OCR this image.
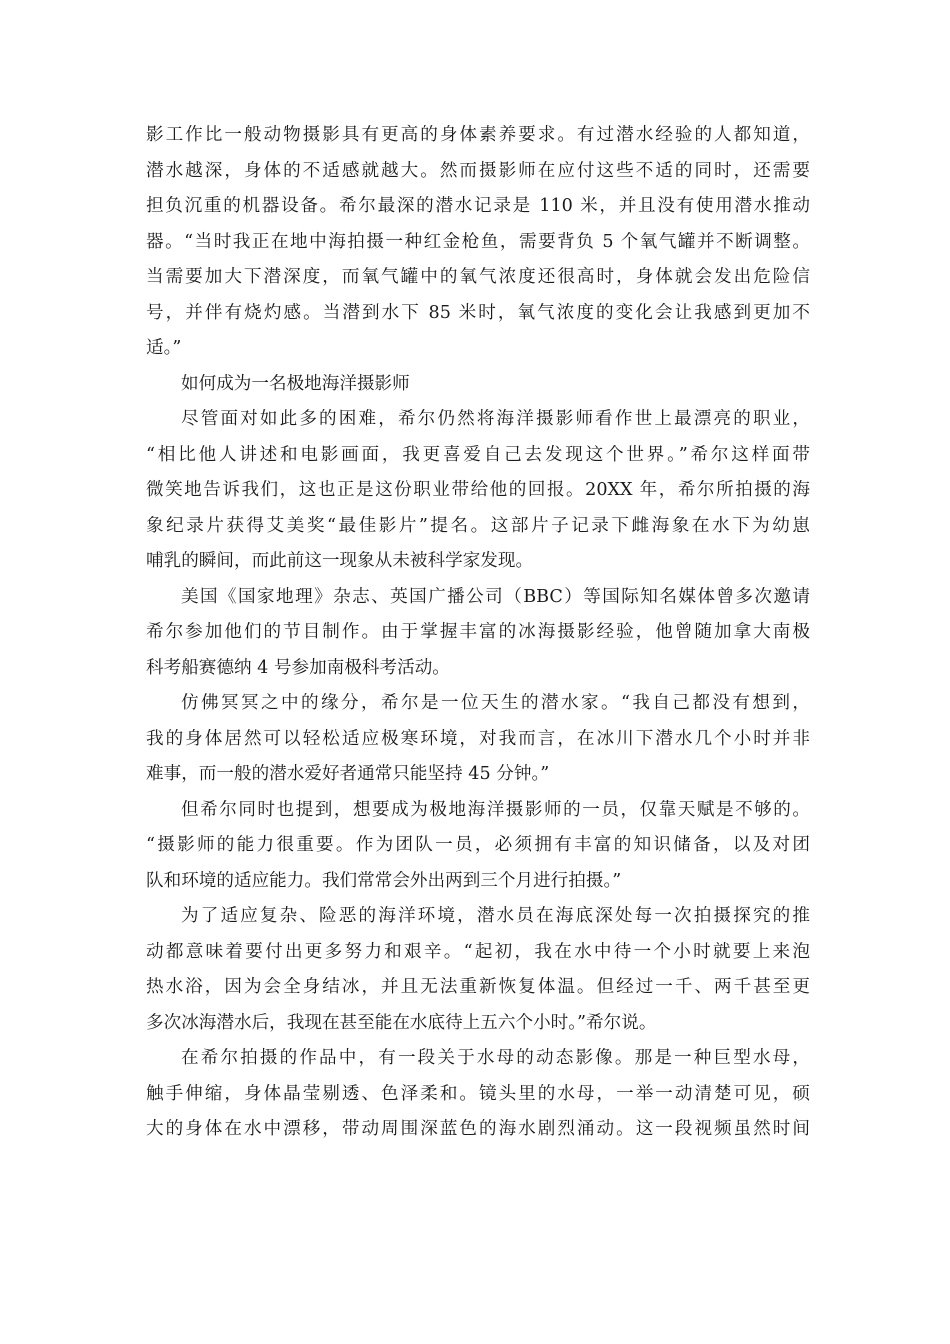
影工作比一般动物摄影具有更高的身体素养要求。有过潜水经验的人都知道，
潜水越深，身体的不适感就越大。然而摄影师在应付这些不适的同时，还需要
担负沉重的机器设备。希尔最深的潜水记录是 110 米，并且没有使用潜水推动
器。“当时我正在地中海拍摄一种红金枪鱼，需要背负 5 个氧气罐并不断调整。
当需要加大下潜深度，而氧气罐中的氧气浓度还很高时，身体就会发出危险信
号，并伴有烧灼感。当潜到水下 85 米时，氧气浓度的变化会让我感到更加不
适。”
如何成为一名极地海洋摄影师
尽管面对如此多的困难，希尔仍然将海洋摄影师看作世上最漂亮的职业，
“相比他人讲述和电影画面，我更喜爱自己去发现这个世界。”希尔这样面带
微笑地告诉我们，这也正是这份职业带给他的回报。20XX 年，希尔所拍摄的海
象纪录片获得艾美奖“最佳影片”提名。这部片子记录下雌海象在水下为幼崽
哺乳的瞬间，而此前这一现象从未被科学家发现。
美国《国家地理》杂志、英国广播公司（BBC）等国际知名媒体曾多次邀请
希尔参加他们的节目制作。由于掌握丰富的冰海摄影经验，他曾随加拿大南极
科考船赛德纳 4 号参加南极科考活动。
仿佛冥冥之中的缘分，希尔是一位天生的潜水家。“我自己都没有想到，
我的身体居然可以轻松适应极寒环境，对我而言，在冰川下潜水几个小时并非
难事，而一般的潜水爱好者通常只能坚持 45 分钟。”
但希尔同时也提到，想要成为极地海洋摄影师的一员，仅靠天赋是不够的。
“摄影师的能力很重要。作为团队一员，必须拥有丰富的知识储备，以及对团
队和环境的适应能力。我们常常会外出两到三个月进行拍摄。”
为了适应复杂、险恶的海洋环境，潜水员在海底深处每一次拍摄探究的推
动都意味着要付出更多努力和艰辛。“起初，我在水中待一个小时就要上来泡
热水浴，因为会全身结冰，并且无法重新恢复体温。但经过一千、两千甚至更
多次冰海潜水后，我现在甚至能在水底待上五六个小时。”希尔说。
在希尔拍摄的作品中，有一段关于水母的动态影像。那是一种巨型水母，
触手伸缩，身体晶莹剔透、色泽柔和。镜头里的水母，一举一动清楚可见，硕
大的身体在水中漂移，带动周围深蓝色的海水剧烈涌动。这一段视频虽然时间
